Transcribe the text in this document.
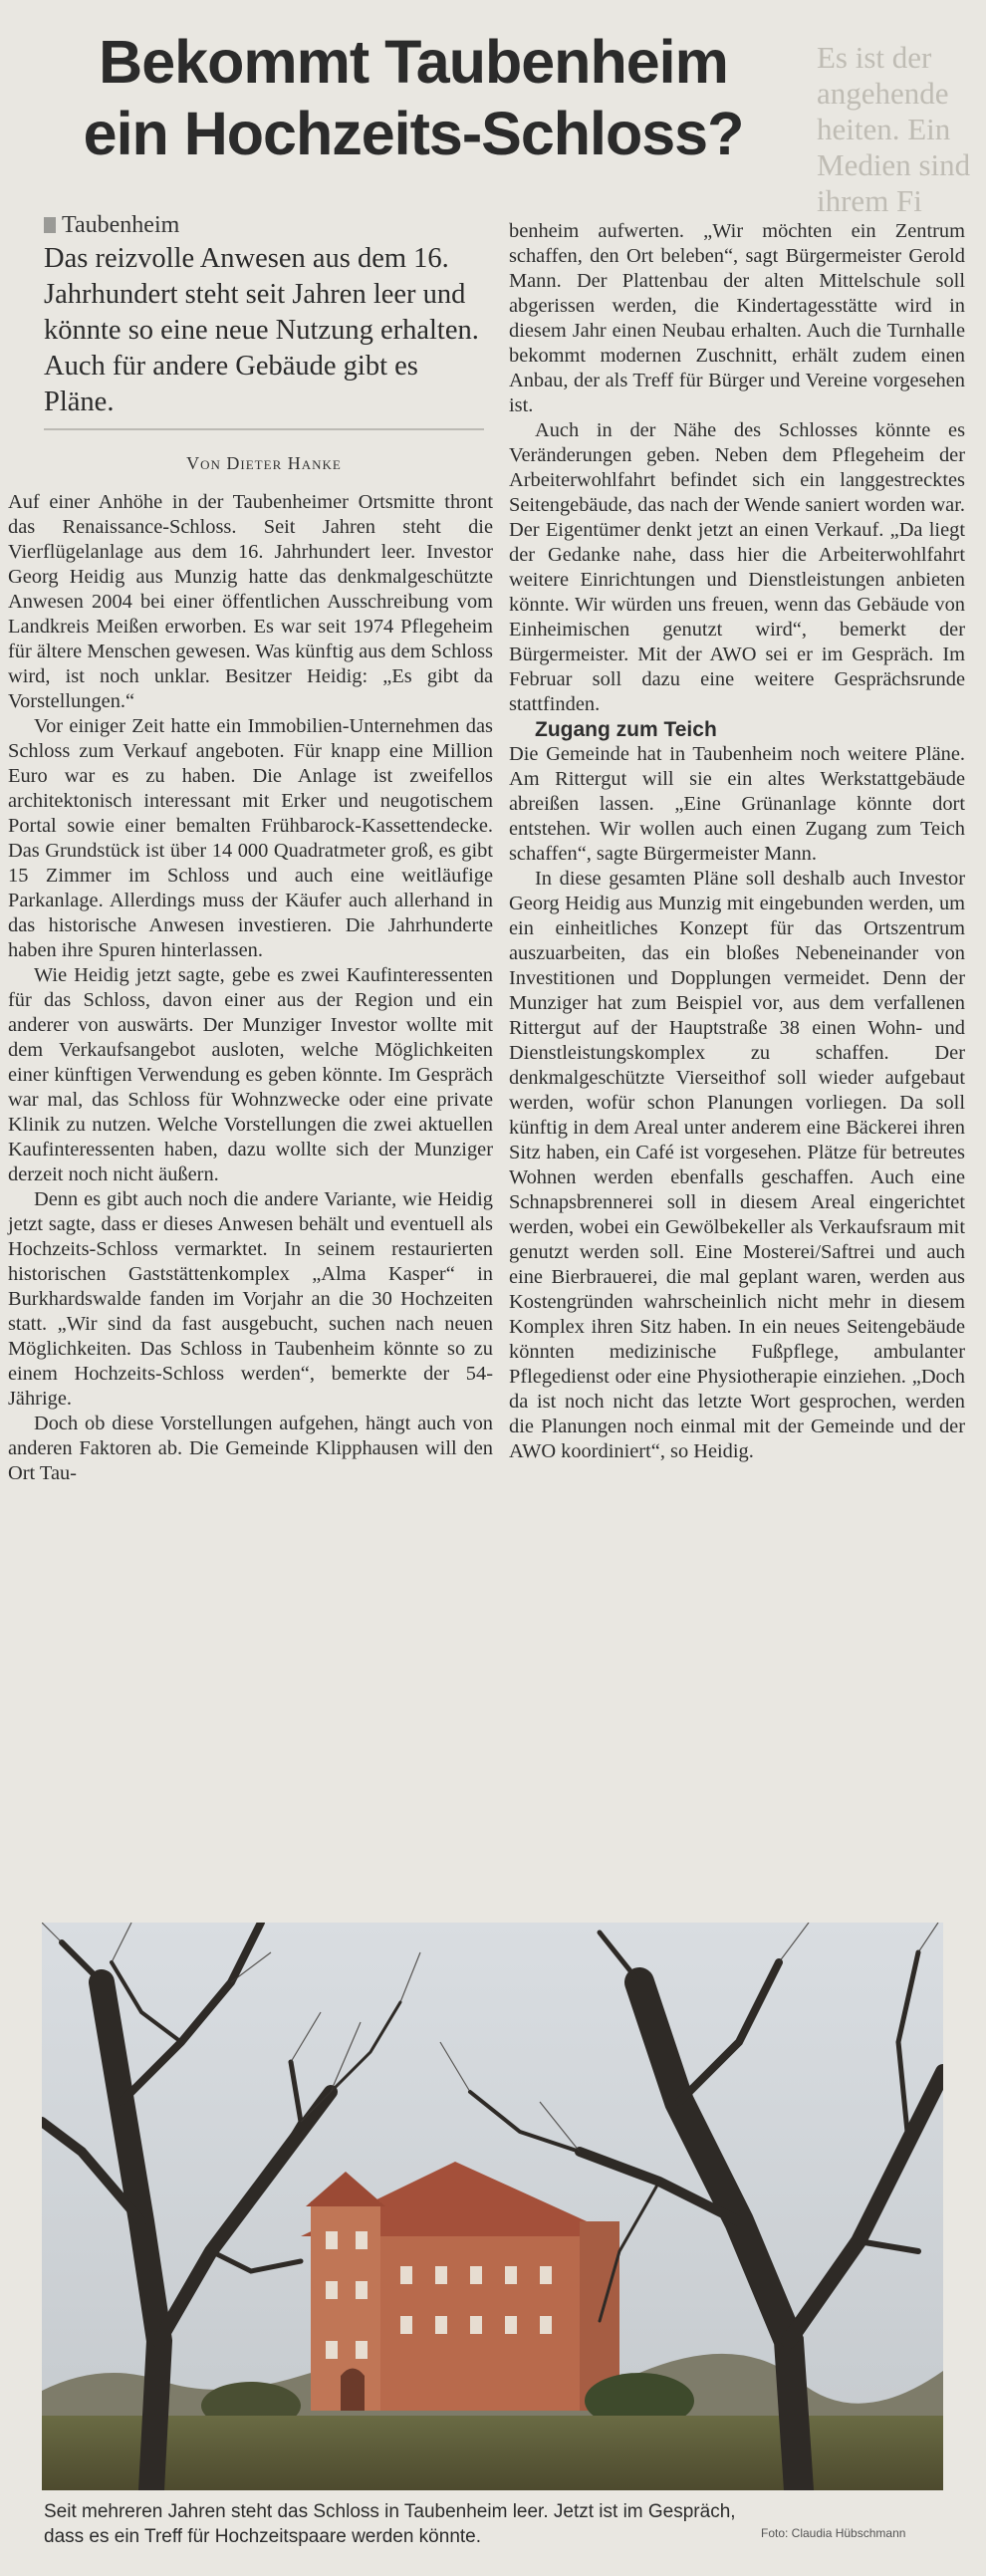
Es ist der angehende heiten. Ein Medien sind ihrem Fi
Bekommt Taubenheim
ein Hochzeits-Schloss?
Taubenheim
Das reizvolle Anwesen aus dem 16. Jahrhundert steht seit Jahren leer und könnte so eine neue Nutzung erhalten. Auch für andere Gebäude gibt es Pläne.
Von Dieter Hanke

Auf einer Anhöhe in der Taubenheimer Ortsmitte thront das Renaissance-Schloss. Seit Jahren steht die Vierflügelanlage aus dem 16. Jahrhundert leer. Investor Georg Heidig aus Munzig hatte das denkmalgeschützte Anwesen 2004 bei einer öffentlichen Ausschreibung vom Landkreis Meißen erworben. Es war seit 1974 Pflegeheim für ältere Menschen gewesen. Was künftig aus dem Schloss wird, ist noch unklar. Besitzer Heidig: „Es gibt da Vorstellungen.“

Vor einiger Zeit hatte ein Immobilien-Unternehmen das Schloss zum Verkauf angeboten. Für knapp eine Million Euro war es zu haben. Die Anlage ist zweifellos architektonisch interessant mit Erker und neugotischem Portal sowie einer bemalten Frühbarock-Kassettendecke. Das Grundstück ist über 14 000 Quadratmeter groß, es gibt 15 Zimmer im Schloss und auch eine weitläufige Parkanlage. Allerdings muss der Käufer auch allerhand in das historische Anwesen investieren. Die Jahrhunderte haben ihre Spuren hinterlassen.

Wie Heidig jetzt sagte, gebe es zwei Kaufinteressenten für das Schloss, davon einer aus der Region und ein anderer von auswärts. Der Munziger Investor wollte mit dem Verkaufsangebot ausloten, welche Möglichkeiten einer künftigen Verwendung es geben könnte. Im Gespräch war mal, das Schloss für Wohnzwecke oder eine private Klinik zu nutzen. Welche Vorstellungen die zwei aktuellen Kaufinteressenten haben, dazu wollte sich der Munziger derzeit noch nicht äußern.

Denn es gibt auch noch die andere Variante, wie Heidig jetzt sagte, dass er dieses Anwesen behält und eventuell als Hochzeits-Schloss vermarktet. In seinem restaurierten historischen Gaststättenkomplex „Alma Kasper“ in Burkhardswalde fanden im Vorjahr an die 30 Hochzeiten statt. „Wir sind da fast ausgebucht, suchen nach neuen Möglichkeiten. Das Schloss in Taubenheim könnte so zu einem Hochzeits-Schloss werden“, bemerkte der 54-Jährige.

Doch ob diese Vorstellungen aufgehen, hängt auch von anderen Faktoren ab. Die Gemeinde Klipphausen will den Ort Tau-

benheim aufwerten. „Wir möchten ein Zentrum schaffen, den Ort beleben“, sagt Bürgermeister Gerold Mann. Der Plattenbau der alten Mittelschule soll abgerissen werden, die Kindertagesstätte wird in diesem Jahr einen Neubau erhalten. Auch die Turnhalle bekommt modernen Zuschnitt, erhält zudem einen Anbau, der als Treff für Bürger und Vereine vorgesehen ist.

Auch in der Nähe des Schlosses könnte es Veränderungen geben. Neben dem Pflegeheim der Arbeiterwohlfahrt befindet sich ein langgestrecktes Seitengebäude, das nach der Wende saniert worden war. Der Eigentümer denkt jetzt an einen Verkauf. „Da liegt der Gedanke nahe, dass hier die Arbeiterwohlfahrt weitere Einrichtungen und Dienstleistungen anbieten könnte. Wir würden uns freuen, wenn das Gebäude von Einheimischen genutzt wird“, bemerkt der Bürgermeister. Mit der AWO sei er im Gespräch. Im Februar soll dazu eine weitere Gesprächsrunde stattfinden.

Zugang zum Teich

Die Gemeinde hat in Taubenheim noch weitere Pläne. Am Rittergut will sie ein altes Werkstattgebäude abreißen lassen. „Eine Grünanlage könnte dort entstehen. Wir wollen auch einen Zugang zum Teich schaffen“, sagte Bürgermeister Mann.

In diese gesamten Pläne soll deshalb auch Investor Georg Heidig aus Munzig mit eingebunden werden, um ein einheitliches Konzept für das Ortszentrum auszuarbeiten, das ein bloßes Nebeneinander von Investitionen und Dopplungen vermeidet. Denn der Munziger hat zum Beispiel vor, aus dem verfallenen Rittergut auf der Hauptstraße 38 einen Wohn- und Dienstleistungskomplex zu schaffen. Der denkmalgeschützte Vierseithof soll wieder aufgebaut werden, wofür schon Planungen vorliegen. Da soll künftig in dem Areal unter anderem eine Bäckerei ihren Sitz haben, ein Café ist vorgesehen. Plätze für betreutes Wohnen werden ebenfalls geschaffen. Auch eine Schnapsbrennerei soll in diesem Areal eingerichtet werden, wobei ein Gewölbekeller als Verkaufsraum mit genutzt werden soll. Eine Mosterei/Saftrei und auch eine Bierbrauerei, die mal geplant waren, werden aus Kostengründen wahrscheinlich nicht mehr in diesem Komplex ihren Sitz haben. In ein neues Seitengebäude könnten medizinische Fußpflege, ambulanter Pflegedienst oder eine Physiotherapie einziehen. „Doch da ist noch nicht das letzte Wort gesprochen, werden die Planungen noch einmal mit der Gemeinde und der AWO koordiniert“, so Heidig.

Seit mehreren Jahren steht das Schloss in Taubenheim leer. Jetzt ist im Gespräch,
dass es ein Treff für Hochzeitspaare werden könnte.	Foto: Claudia Hübschmann
